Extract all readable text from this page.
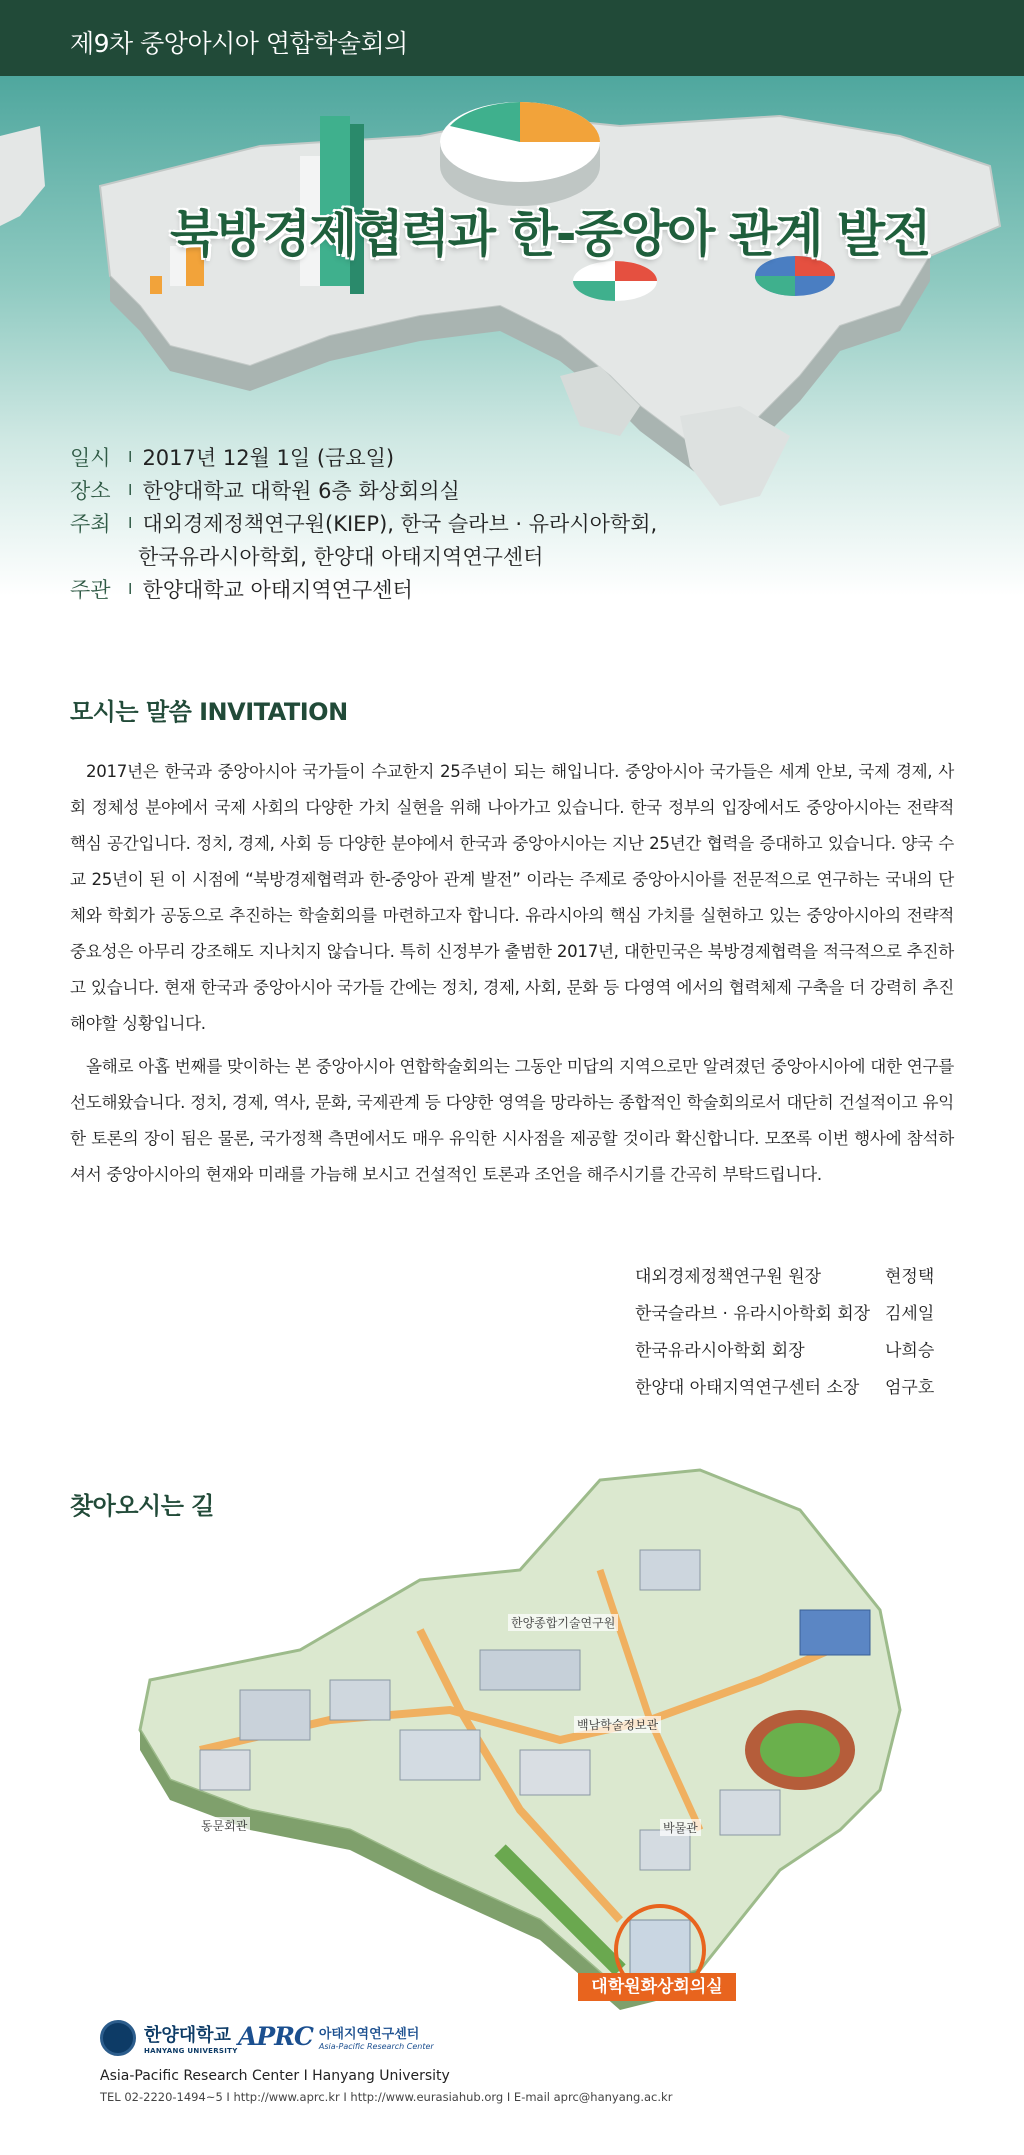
제9차 중앙아시아 연합학술회의
북방경제협력과 한-중앙아 관계 발전
일시	I 2017년 12월 1일 (금요일)
장소	I 한양대학교 대학원 6층 화상회의실
주최	I 대외경제정책연구원(KIEP), 한국 슬라브 · 유라시아학회,
한국유라시아학회, 한양대 아태지역연구센터
주관	I 한양대학교 아태지역연구센터
모시는 말씀 INVITATION

2017년은 한국과 중앙아시아 국가들이 수교한지 25주년이 되는 해입니다. 중앙아시아 국가들은 세계 안보, 국제 경제, 사회 정체성 분야에서 국제 사회의 다양한 가치 실현을 위해 나아가고 있습니다. 한국 정부의 입장에서도 중앙아시아는 전략적 핵심 공간입니다. 정치, 경제, 사회 등 다양한 분야에서 한국과 중앙아시아는 지난 25년간 협력을 증대하고 있습니다. 양국 수교 25년이 된 이 시점에 “북방경제협력과 한-중앙아 관계 발전” 이라는 주제로 중앙아시아를 전문적으로 연구하는 국내의 단체와 학회가 공동으로 추진하는 학술회의를 마련하고자 합니다. 유라시아의 핵심 가치를 실현하고 있는 중앙아시아의 전략적 중요성은 아무리 강조해도 지나치지 않습니다. 특히 신정부가 출범한 2017년, 대한민국은 북방경제협력을 적극적으로 추진하고 있습니다. 현재 한국과 중앙아시아 국가들 간에는 정치, 경제, 사회, 문화 등 다영역 에서의 협력체제 구축을 더 강력히 추진해야할 싱황입니다.

올해로 아홉 번째를 맞이하는 본 중앙아시아 연합학술회의는 그동안 미답의 지역으로만 알려졌던 중앙아시아에 대한 연구를 선도해왔습니다. 정치, 경제, 역사, 문화, 국제관계 등 다양한 영역을 망라하는 종합적인 학술회의로서 대단히 건설적이고 유익한 토론의 장이 됨은 물론, 국가정책 측면에서도 매우 유익한 시사점을 제공할 것이라 확신합니다. 모쪼록 이번 행사에 참석하셔서 중앙아시아의 현재와 미래를 가늠해 보시고 건설적인 토론과 조언을 해주시기를 간곡히 부탁드립니다.

대외경제정책연구원 원장	현정택
한국슬라브 · 유라시아학회 회장 김세일
한국유라시아학회 회장	나희승
한양대 아태지역연구센터 소장	엄구호
찾아오시는 길
한양종합기술연구원
백남학술정보관
동문회관	박물관
대학원화상회의실
한양대학교
HANYANG UNIVERSITY APRC 아태지역연구센터
Asia-Pacific Research Center
Asia-Pacific Research Center I Hanyang University
TEL 02-2220-1494~5 I http://www.aprc.kr I http://www.eurasiahub.org I E-mail aprc@hanyang.ac.kr
